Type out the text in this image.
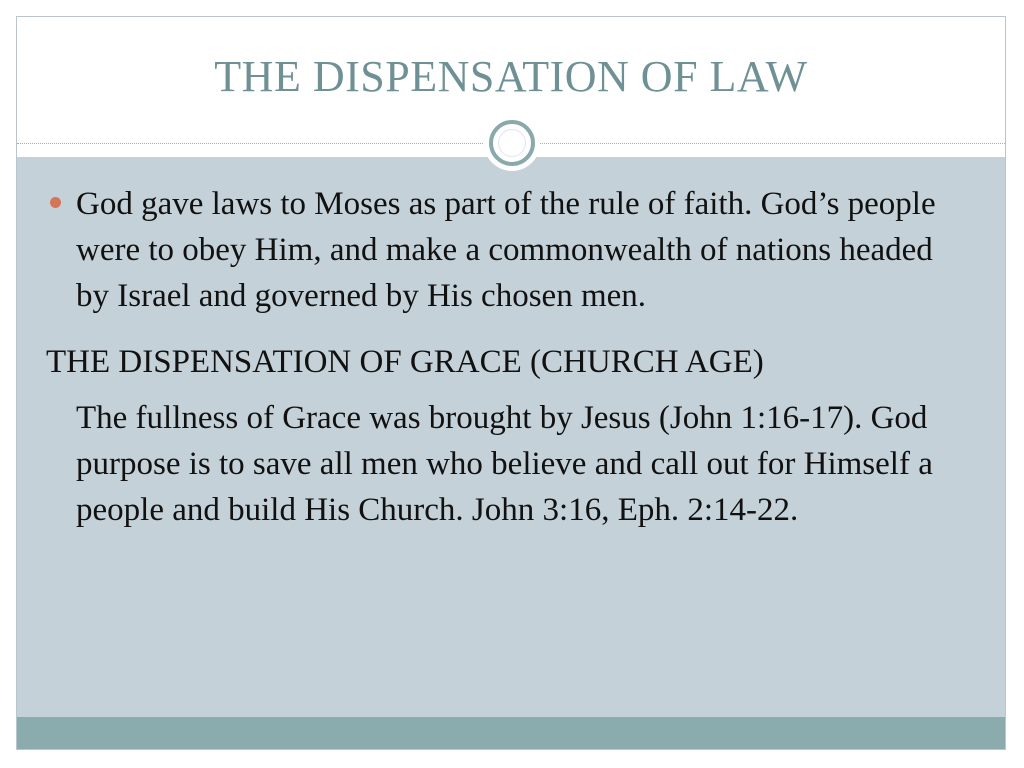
THE DISPENSATION OF LAW

God gave laws to Moses as part of the rule of faith. God’s people were to obey Him, and make a commonwealth of nations headed by Israel and governed by His chosen men.

THE DISPENSATION OF GRACE (CHURCH AGE)

The fullness of Grace was brought by Jesus (John 1:16-17). God purpose is to save all men who believe and call out for Himself a people and build His Church. John 3:16, Eph. 2:14-22.
